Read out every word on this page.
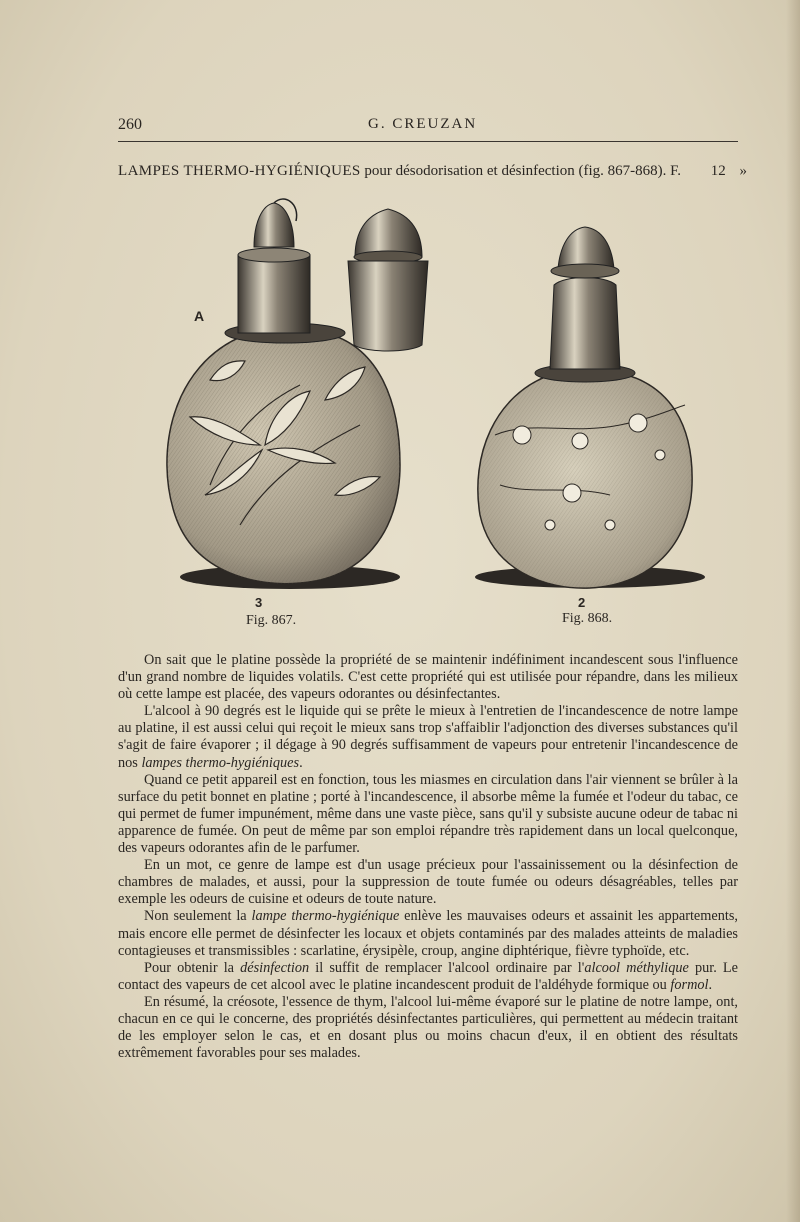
260	G. CREUZAN
LAMPES THERMO-HYGIÉNIQUES pour désodorisation et désinfection (fig. 867-868). F. 12 »
A
3
Fig. 867.
2
Fig. 868.

On sait que le platine possède la propriété de se maintenir indéfiniment incandescent sous l'influence d'un grand nombre de liquides volatils. C'est cette propriété qui est utilisée pour répandre, dans les milieux où cette lampe est placée, des vapeurs odorantes ou désinfectantes.

L'alcool à 90 degrés est le liquide qui se prête le mieux à l'entretien de l'incandescence de notre lampe au platine, il est aussi celui qui reçoit le mieux sans trop s'affaiblir l'adjonction des diverses substances qu'il s'agit de faire évaporer ; il dégage à 90 degrés suffisamment de vapeurs pour entretenir l'incandescence de nos lampes thermo-hygiéniques.

Quand ce petit appareil est en fonction, tous les miasmes en circulation dans l'air viennent se brûler à la surface du petit bonnet en platine ; porté à l'incandescence, il absorbe même la fumée et l'odeur du tabac, ce qui permet de fumer impunément, même dans une vaste pièce, sans qu'il y subsiste aucune odeur de tabac ni apparence de fumée. On peut de même par son emploi répandre très rapidement dans un local quelconque, des vapeurs odorantes afin de le parfumer.

En un mot, ce genre de lampe est d'un usage précieux pour l'assainissement ou la désinfection de chambres de malades, et aussi, pour la suppression de toute fumée ou odeurs désagréables, telles par exemple les odeurs de cuisine et odeurs de toute nature.

Non seulement la lampe thermo-hygiénique enlève les mauvaises odeurs et assainit les appartements, mais encore elle permet de désinfecter les locaux et objets contaminés par des malades atteints de maladies contagieuses et transmissibles : scarlatine, érysipèle, croup, angine diphtérique, fièvre typhoïde, etc.

Pour obtenir la désinfection il suffit de remplacer l'alcool ordinaire par l'alcool méthylique pur. Le contact des vapeurs de cet alcool avec le platine incandescent produit de l'aldéhyde formique ou formol.

En résumé, la créosote, l'essence de thym, l'alcool lui-même évaporé sur le platine de notre lampe, ont, chacun en ce qui le concerne, des propriétés désinfectantes particulières, qui permettent au médecin traitant de les employer selon le cas, et en dosant plus ou moins chacun d'eux, il en obtient des résultats extrêmement favorables pour ses malades.
